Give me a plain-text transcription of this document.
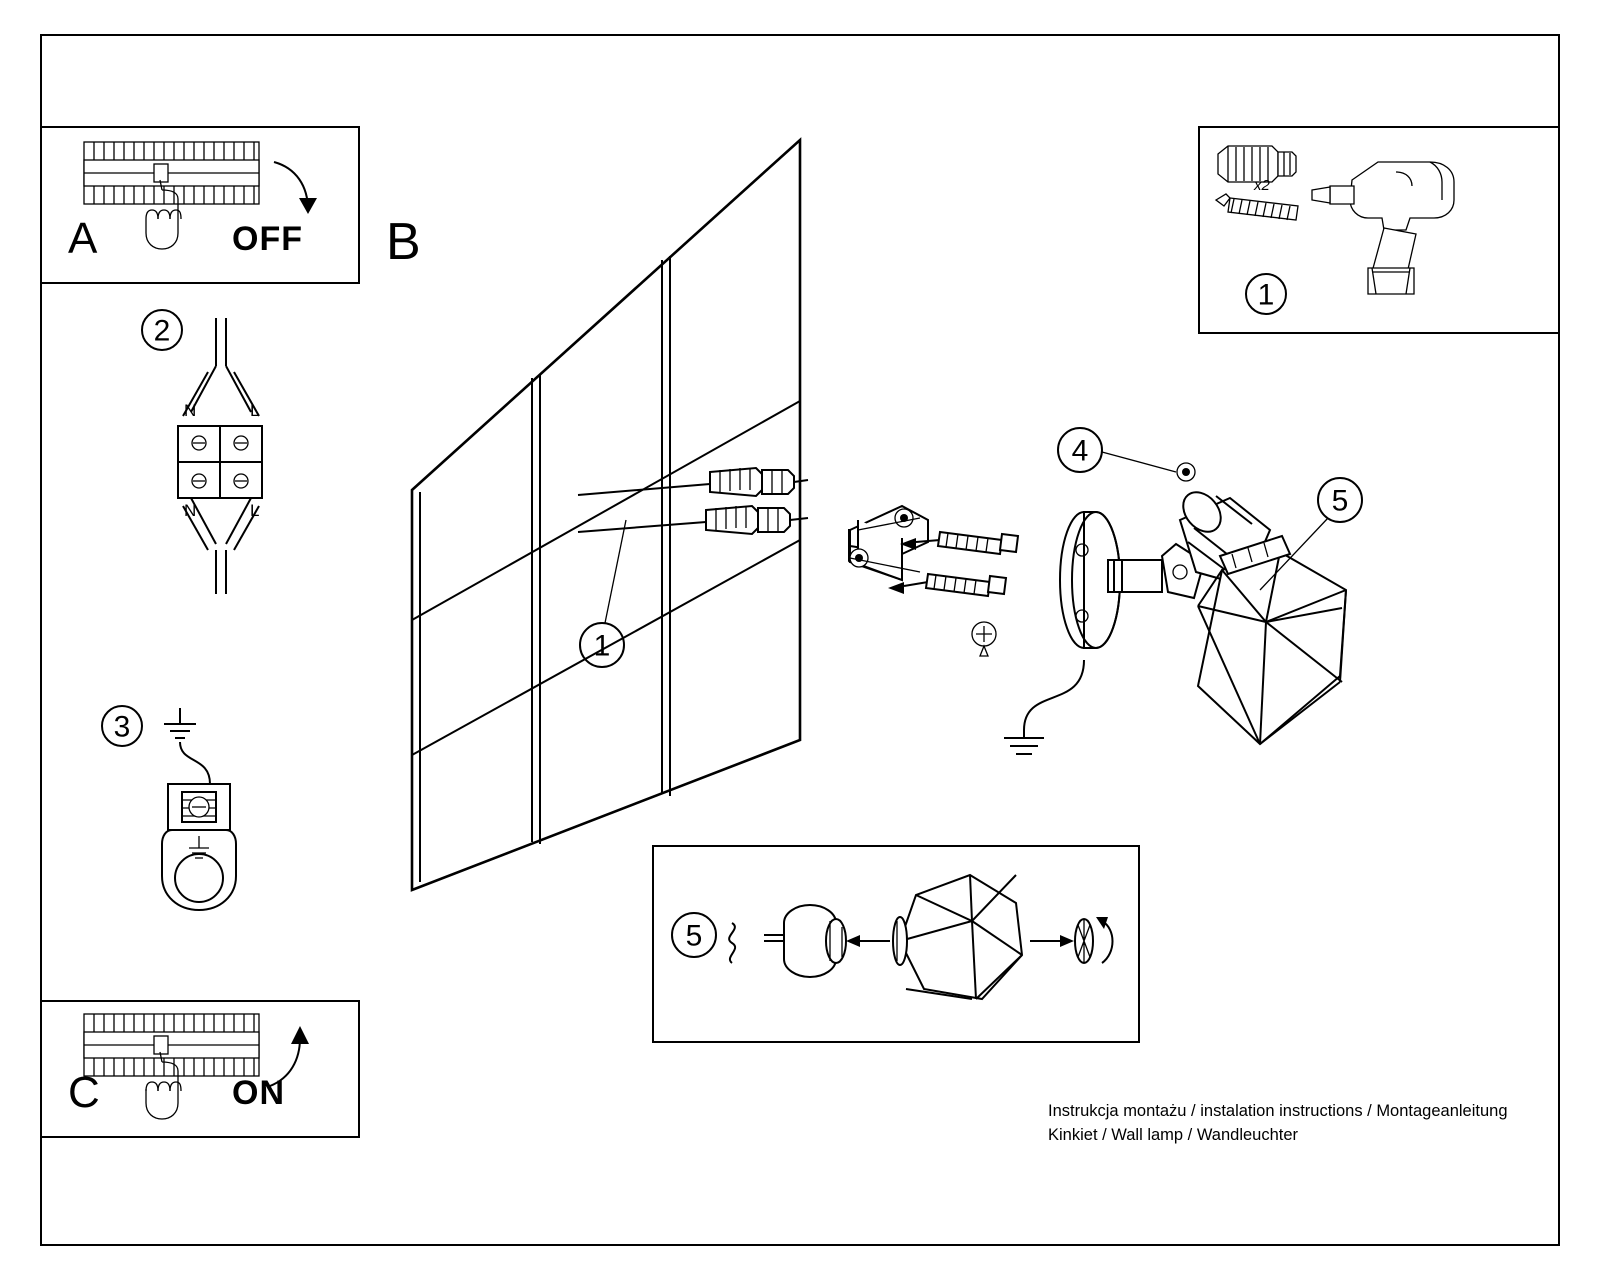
A	OFF
C	ON
2
N	L
N	L
3
B
x2
1
1
4
5
5
Instrukcja montażu / instalation instructions / Montageanleitung
Kinkiet / Wall lamp / Wandleuchter
